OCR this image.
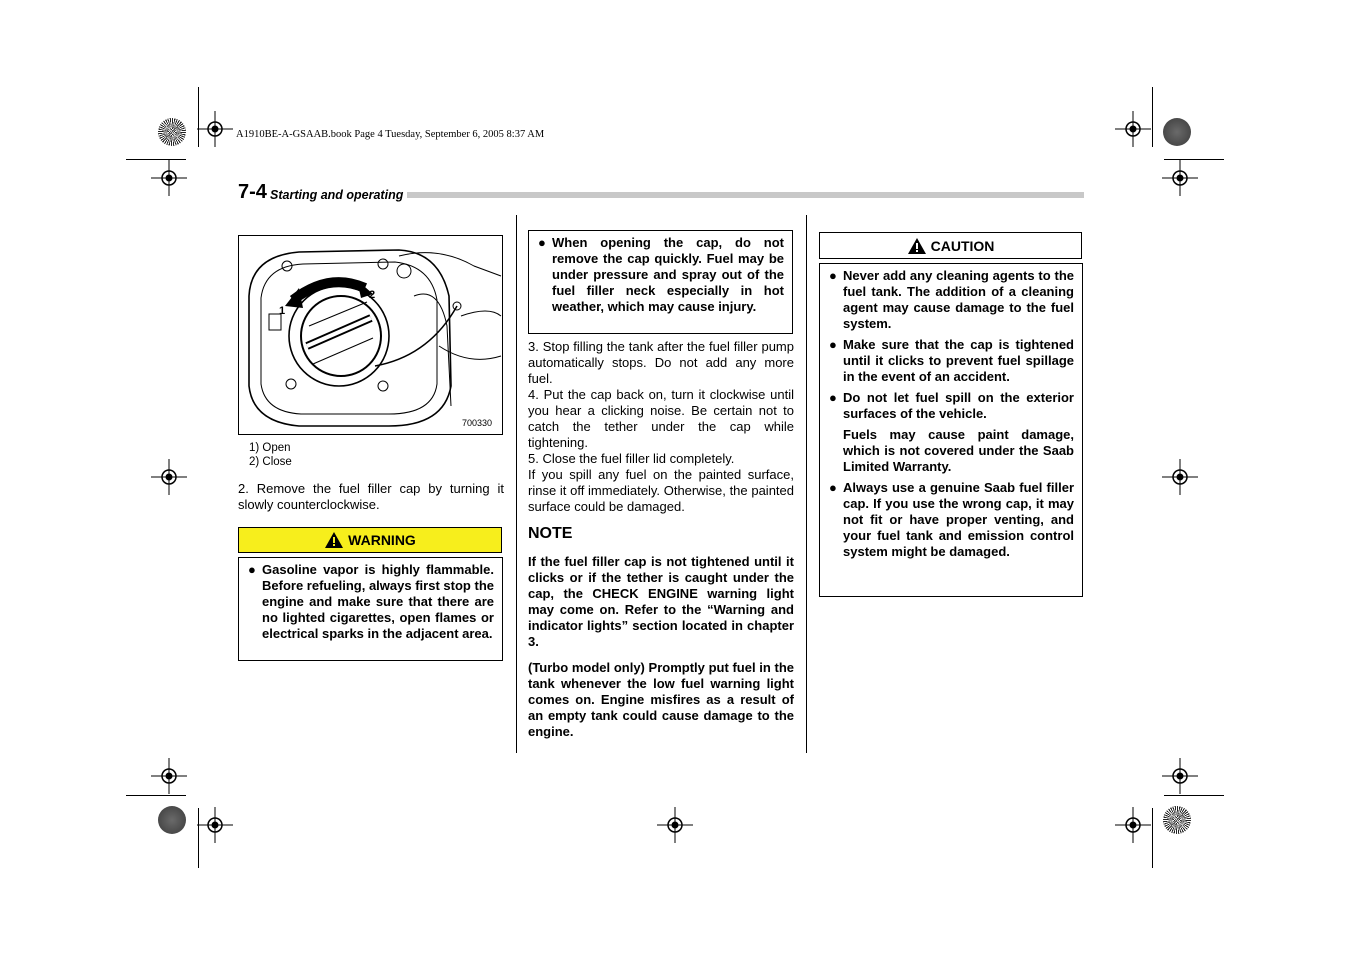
A1910BE-A-GSAAB.book Page 4 Tuesday, September 6, 2005 8:37 AM
7-4 Starting and operating
1
2
700330
1) Open
2) Close
2. Remove the fuel filler cap by turning it slowly counterclockwise.
WARNING
● Gasoline vapor is highly flammable. Before refueling, always first stop the engine and make sure that there are no lighted cigarettes, open flames or electrical sparks in the adjacent area.
● When opening the cap, do not remove the cap quickly. Fuel may be under pressure and spray out of the fuel filler neck especially in hot weather, which may cause injury.
3. Stop filling the tank after the fuel filler pump automatically stops. Do not add any more fuel.
4. Put the cap back on, turn it clockwise until you hear a clicking noise. Be certain not to catch the tether under the cap while tightening.
5. Close the fuel filler lid completely.
If you spill any fuel on the painted surface, rinse it off immediately. Otherwise, the painted surface could be damaged.
NOTE
If the fuel filler cap is not tightened until it clicks or if the tether is caught under the cap, the CHECK ENGINE warning light may come on. Refer to the “Warning and indicator lights” section located in chapter 3.
(Turbo model only) Promptly put fuel in the tank whenever the low fuel warning light comes on. Engine misfires as a result of an empty tank could cause damage to the engine.
CAUTION
● Never add any cleaning agents to the fuel tank. The addition of a cleaning agent may cause damage to the fuel system.
● Make sure that the cap is tightened until it clicks to prevent fuel spillage in the event of an accident.
● Do not let fuel spill on the exterior surfaces of the vehicle.
Fuels may cause paint damage, which is not covered under the Saab Limited Warranty.
● Always use a genuine Saab fuel filler cap. If you use the wrong cap, it may not fit or have proper venting, and your fuel tank and emission control system might be damaged.
